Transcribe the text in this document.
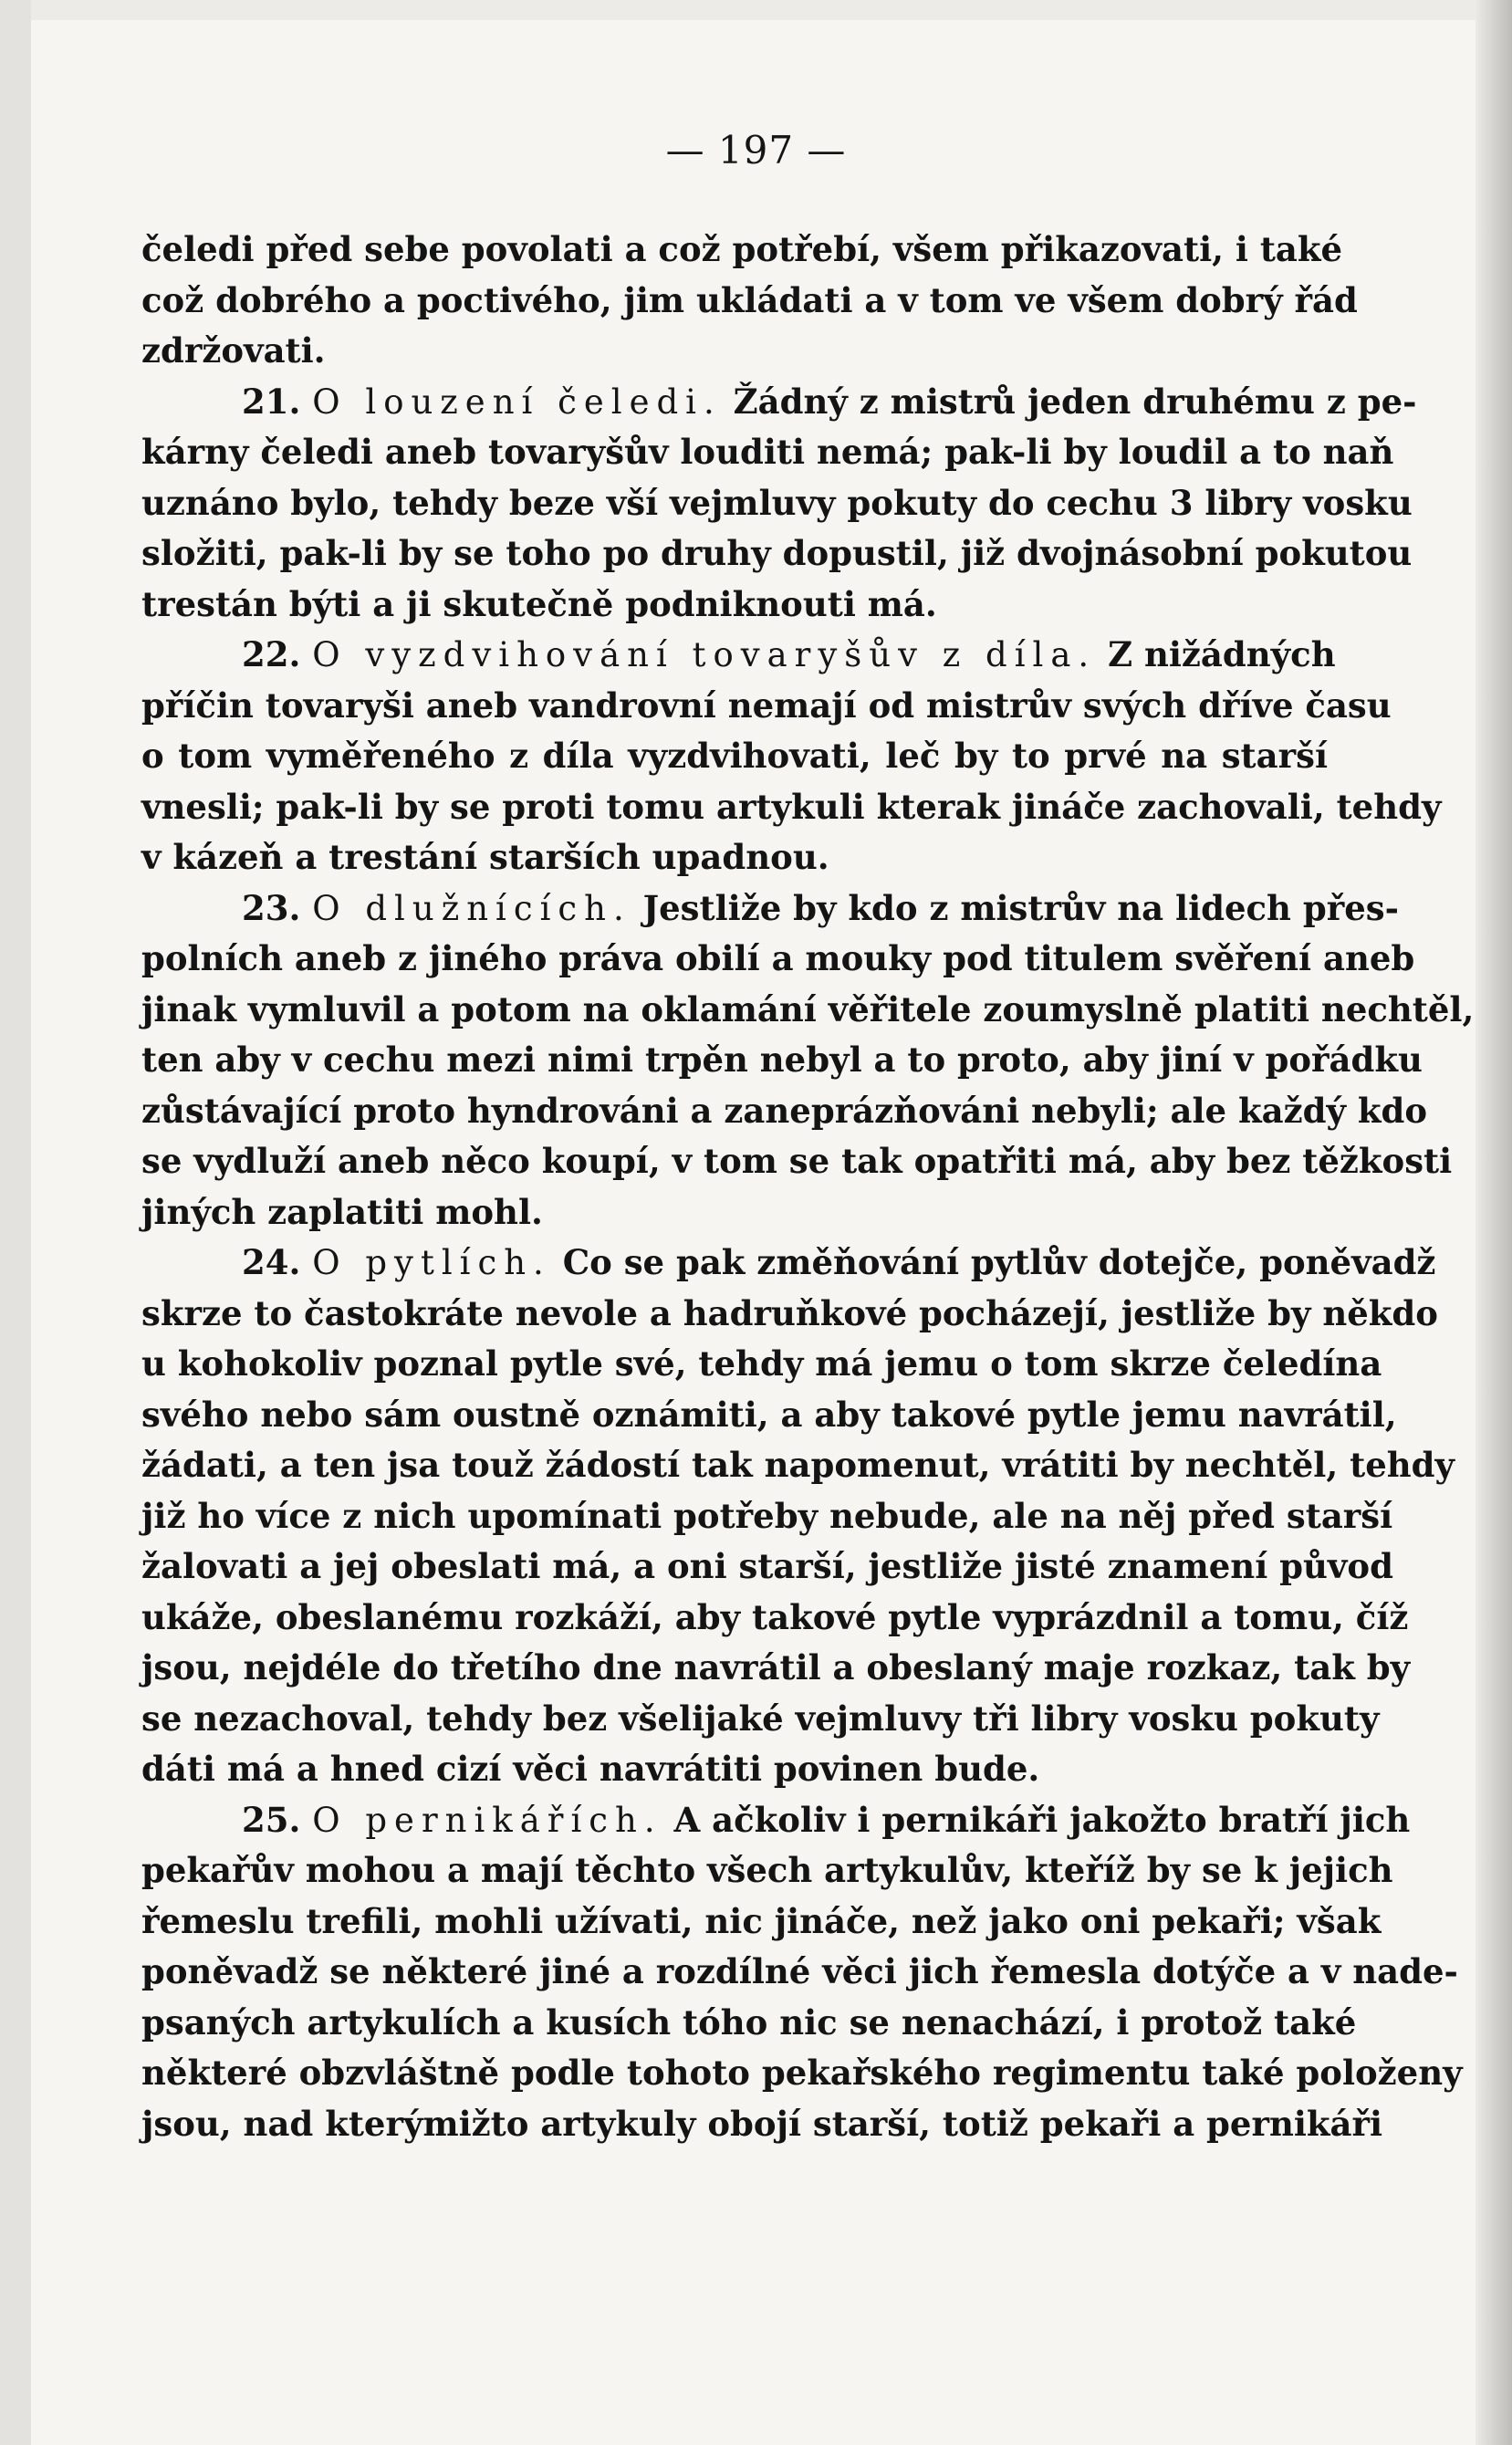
— 197 —
čeledi před sebe povolati a což potřebí, všem přikazovati, i také
což dobrého a poctivého, jim ukládati a v tom ve všem dobrý řád
zdržovati.
21. O louzení čeledi. Žádný z mistrů jeden druhému z pe-
kárny čeledi aneb tovaryšův louditi nemá; pak-li by loudil a to naň
uznáno bylo, tehdy beze vší vejmluvy pokuty do cechu 3 libry vosku
složiti, pak-li by se toho po druhy dopustil, již dvojnásobní pokutou
trestán býti a ji skutečně podniknouti má.
22. O vyzdvihování tovaryšův z díla. Z nižádných
příčin tovaryši aneb vandrovní nemají od mistrův svých dříve času
o tom vyměřeného z díla vyzdvihovati, leč by to prvé na starší
vnesli; pak-li by se proti tomu artykuli kterak jináče zachovali, tehdy
v kázeň a trestání starších upadnou.
23. O dlužnících. Jestliže by kdo z mistrův na lidech přes-
polních aneb z jiného práva obilí a mouky pod titulem svěření aneb
jinak vymluvil a potom na oklamání věřitele zoumyslně platiti nechtěl,
ten aby v cechu mezi nimi trpěn nebyl a to proto, aby jiní v pořádku
zůstávající proto hyndrováni a zaneprázňováni nebyli; ale každý kdo
se vydluží aneb něco koupí, v tom se tak opatřiti má, aby bez těžkosti
jiných zaplatiti mohl.
24. O pytlích. Co se pak změňování pytlův dotejče, poněvadž
skrze to častokráte nevole a hadruňkové pocházejí, jestliže by někdo
u kohokoliv poznal pytle své, tehdy má jemu o tom skrze čeledína
svého nebo sám oustně oznámiti, a aby takové pytle jemu navrátil,
žádati, a ten jsa touž žádostí tak napomenut, vrátiti by nechtěl, tehdy
již ho více z nich upomínati potřeby nebude, ale na něj před starší
žalovati a jej obeslati má, a oni starší, jestliže jisté znamení původ
ukáže, obeslanému rozkáží, aby takové pytle vyprázdnil a tomu, číž
jsou, nejdéle do třetího dne navrátil a obeslaný maje rozkaz, tak by
se nezachoval, tehdy bez všelijaké vejmluvy tři libry vosku pokuty
dáti má a hned cizí věci navrátiti povinen bude.
25. O pernikářích. A ačkoliv i pernikáři jakožto bratří jich
pekařův mohou a mají těchto všech artykulův, kteříž by se k jejich
řemeslu trefili, mohli užívati, nic jináče, než jako oni pekaři; však
poněvadž se některé jiné a rozdílné věci jich řemesla dotýče a v nade-
psaných artykulích a kusích tóho nic se nenachází, i protož také
některé obzvláštně podle tohoto pekařského regimentu také položeny
jsou, nad kterýmižto artykuly obojí starší, totiž pekaři a pernikáři
